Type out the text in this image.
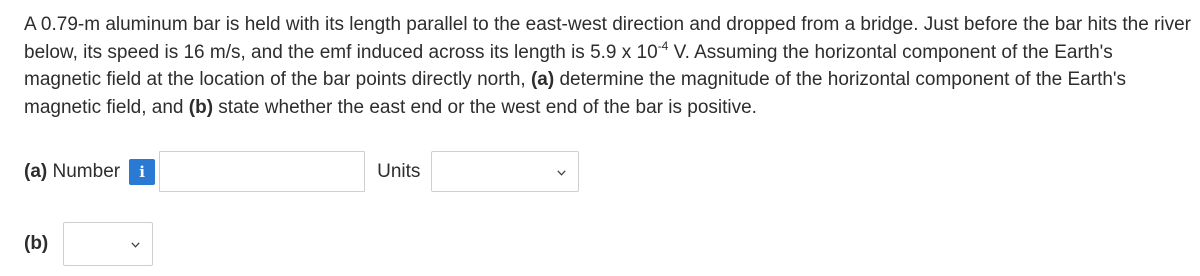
A 0.79-m aluminum bar is held with its length parallel to the east-west direction and dropped from a bridge. Just before the bar hits the river below, its speed is 16 m/s, and the emf induced across its length is 5.9 x $10^{-4}$ V. Assuming the horizontal component of the Earth's magnetic field at the location of the bar points directly north, (a) determine the magnitude of the horizontal component of the Earth's magnetic field, and (b) state whether the east end or the west end of the bar is positive.

(a) Number	i	Units
(b)
